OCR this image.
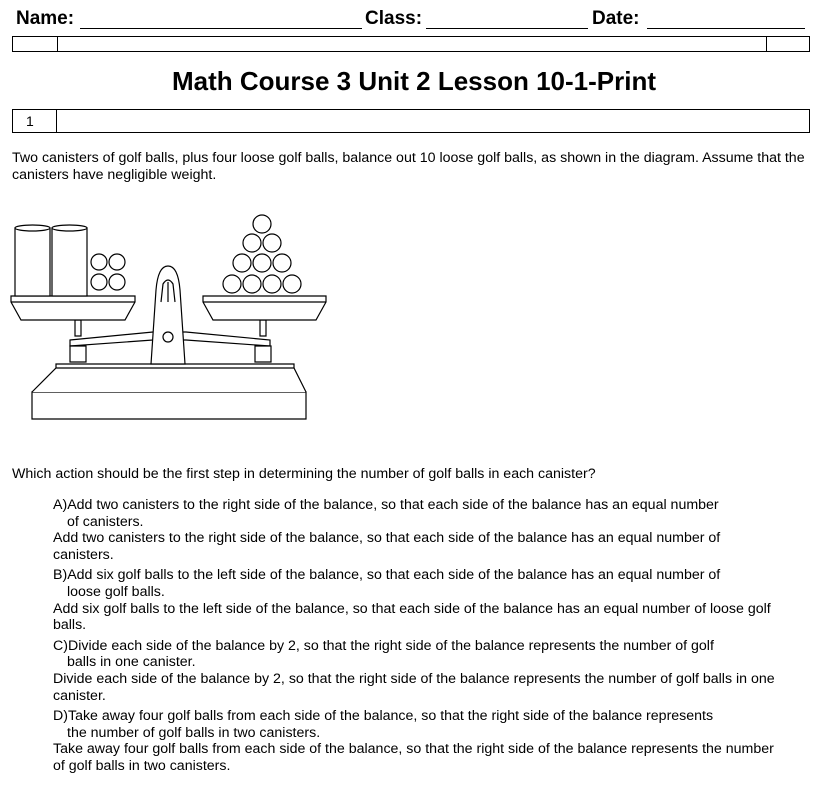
Name:	Class:	Date:
Math Course 3 Unit 2 Lesson 10-1-Print
1
Two canisters of golf balls, plus four loose golf balls, balance out 10 loose golf balls, as shown in the diagram. Assume that the canisters have negligible weight.
Which action should be the first step in determining the number of golf balls in each canister?

A)Add two canisters to the right side of the balance, so that each side of the balance has an equal number
of canisters.

Add two canisters to the right side of the balance, so that each side of the balance has an equal number of canisters.

B)Add six golf balls to the left side of the balance, so that each side of the balance has an equal number of
loose golf balls.

Add six golf balls to the left side of the balance, so that each side of the balance has an equal number of loose golf balls.

C)Divide each side of the balance by 2, so that the right side of the balance represents the number of golf
balls in one canister.

Divide each side of the balance by 2, so that the right side of the balance represents the number of golf balls in one canister.

D)Take away four golf balls from each side of the balance, so that the right side of the balance represents
the number of golf balls in two canisters.

Take away four golf balls from each side of the balance, so that the right side of the balance represents the number of golf balls in two canisters.
